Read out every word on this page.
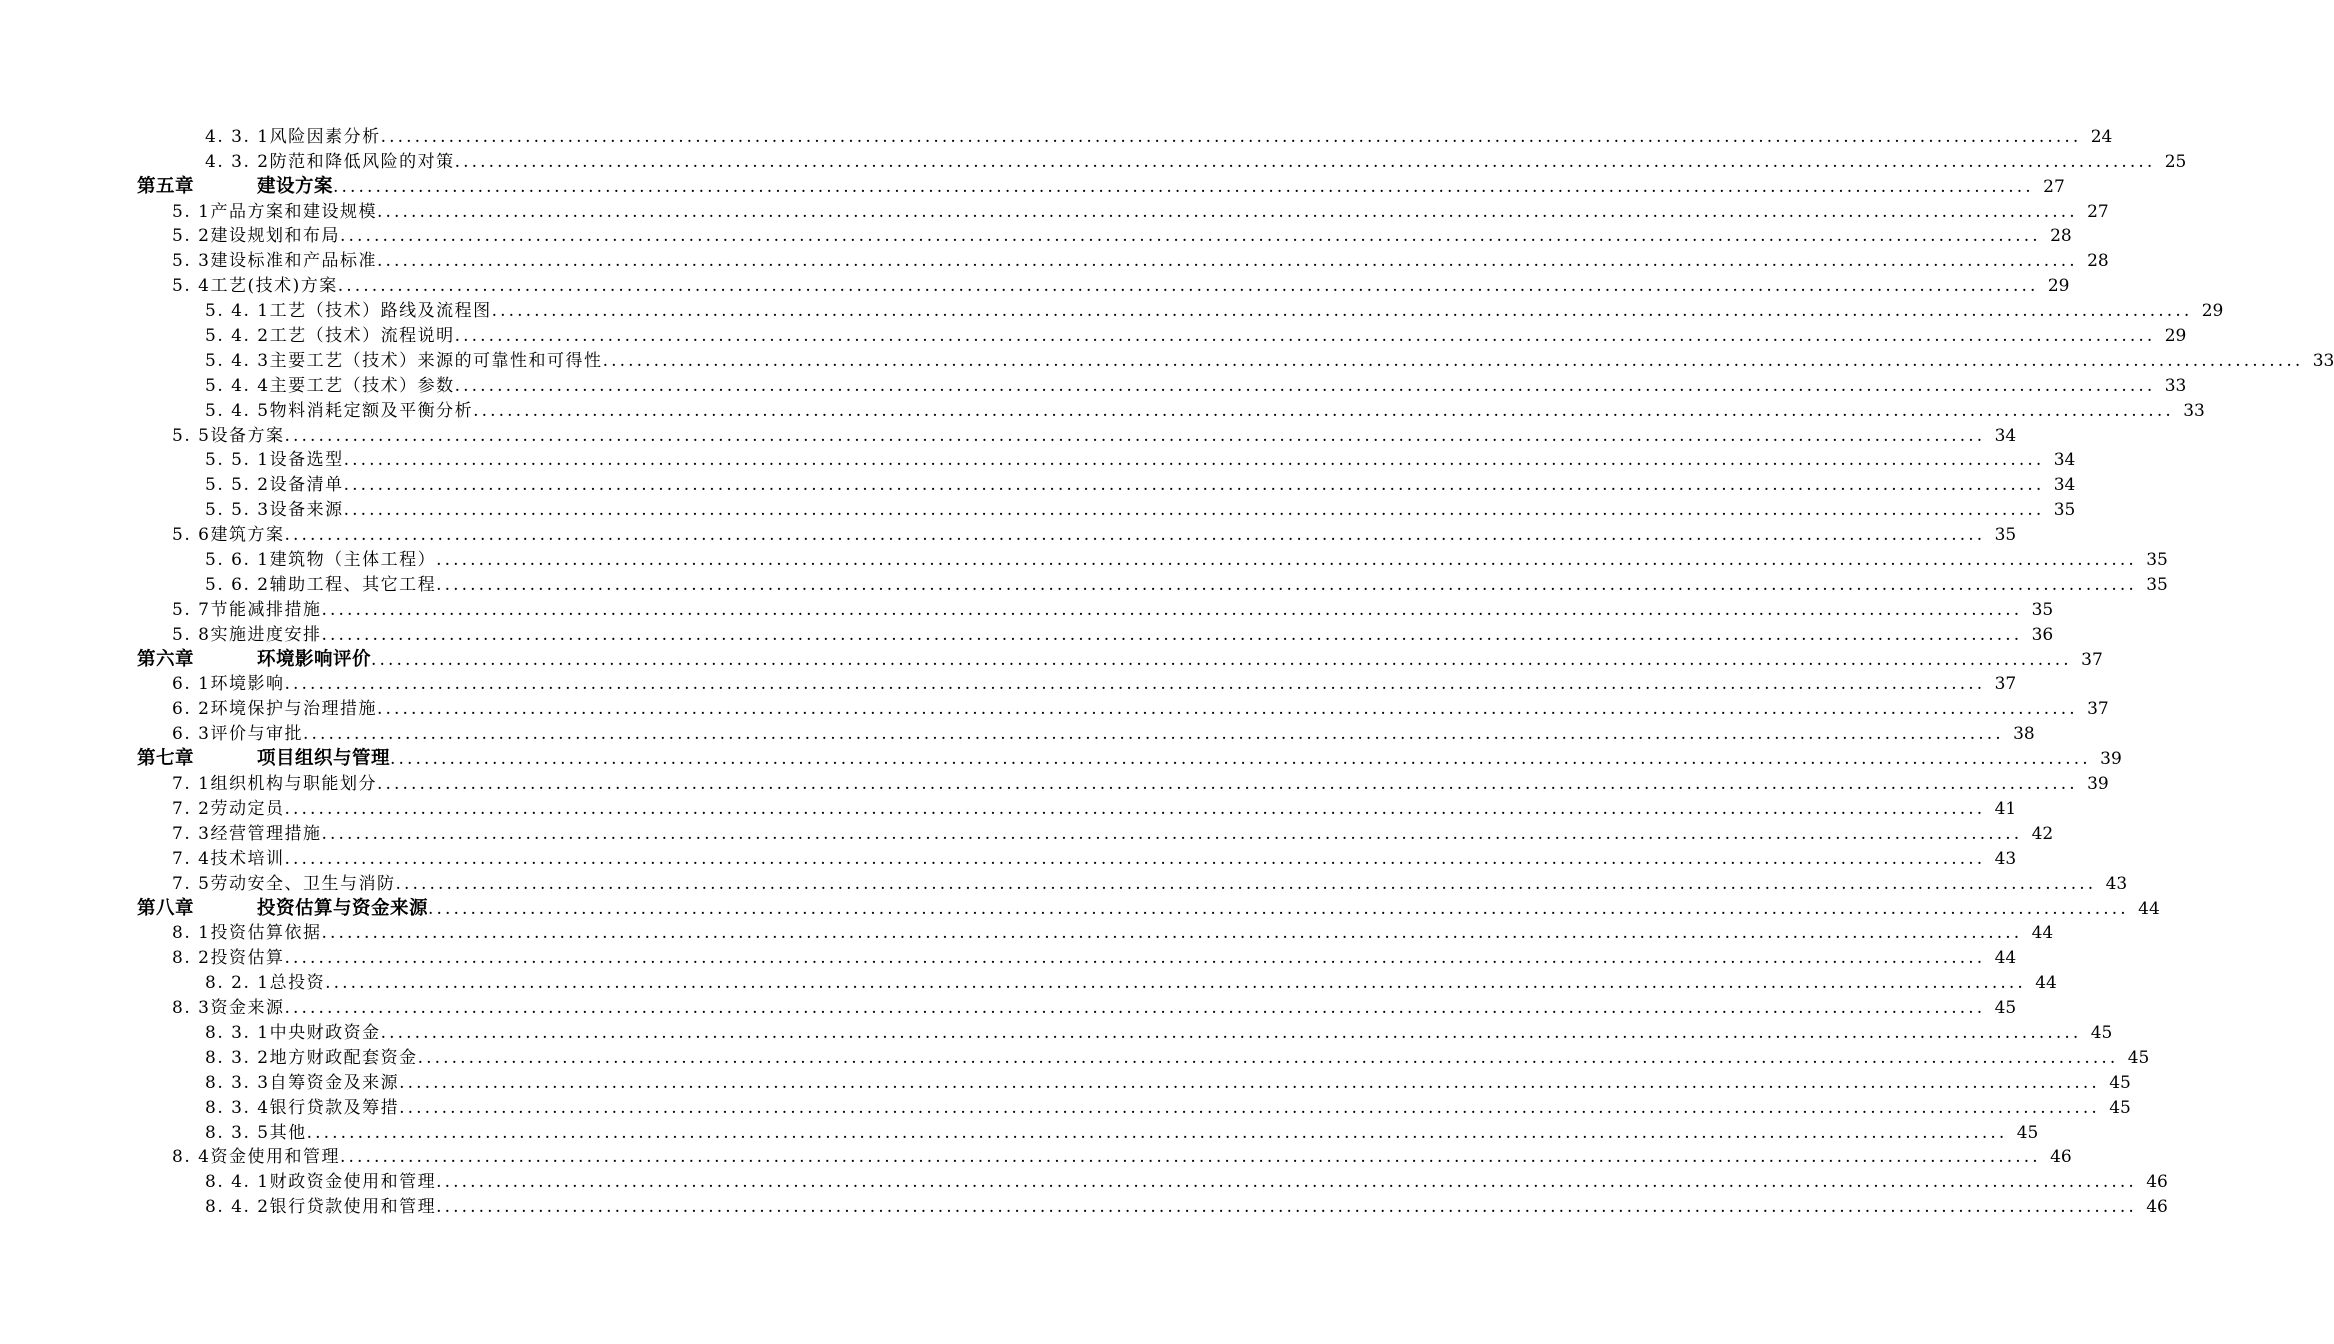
4. 3. 1风险因素分析 ........................................................................................................................................................................................................ 24
4. 3. 2防范和降低风险的对策 ........................................................................................................................................................................................................ 25
第五章	建设方案 ........................................................................................................................................................................................................ 27
5. 1产品方案和建设规模 ........................................................................................................................................................................................................ 27
5. 2建设规划和布局 ........................................................................................................................................................................................................ 28
5. 3建设标准和产品标准 ........................................................................................................................................................................................................ 28
5. 4工艺(技术)方案 ........................................................................................................................................................................................................ 29
5. 4. 1工艺（技术）路线及流程图 ........................................................................................................................................................................................................ 29
5. 4. 2工艺（技术）流程说明 ........................................................................................................................................................................................................ 29
5. 4. 3主要工艺（技术）来源的可靠性和可得性 ........................................................................................................................................................................................................ 33
5. 4. 4主要工艺（技术）参数 ........................................................................................................................................................................................................ 33
5. 4. 5物料消耗定额及平衡分析 ........................................................................................................................................................................................................ 33
5. 5设备方案 ........................................................................................................................................................................................................ 34
5. 5. 1设备选型 ........................................................................................................................................................................................................ 34
5. 5. 2设备清单 ........................................................................................................................................................................................................ 34
5. 5. 3设备来源 ........................................................................................................................................................................................................ 35
5. 6建筑方案 ........................................................................................................................................................................................................ 35
5. 6. 1建筑物（主体工程） ........................................................................................................................................................................................................ 35
5. 6. 2辅助工程、其它工程 ........................................................................................................................................................................................................ 35
5. 7节能减排措施 ........................................................................................................................................................................................................ 35
5. 8实施进度安排 ........................................................................................................................................................................................................ 36
第六章	环境影响评价 ........................................................................................................................................................................................................ 37
6. 1环境影响 ........................................................................................................................................................................................................ 37
6. 2环境保护与治理措施 ........................................................................................................................................................................................................ 37
6. 3评价与审批 ........................................................................................................................................................................................................ 38
第七章	项目组织与管理 ........................................................................................................................................................................................................ 39
7. 1组织机构与职能划分 ........................................................................................................................................................................................................ 39
7. 2劳动定员 ........................................................................................................................................................................................................ 41
7. 3经营管理措施 ........................................................................................................................................................................................................ 42
7. 4技术培训 ........................................................................................................................................................................................................ 43
7. 5劳动安全、卫生与消防 ........................................................................................................................................................................................................ 43
第八章	投资估算与资金来源 ........................................................................................................................................................................................................ 44
8. 1投资估算依据 ........................................................................................................................................................................................................ 44
8. 2投资估算 ........................................................................................................................................................................................................ 44
8. 2. 1总投资 ........................................................................................................................................................................................................ 44
8. 3资金来源 ........................................................................................................................................................................................................ 45
8. 3. 1中央财政资金 ........................................................................................................................................................................................................ 45
8. 3. 2地方财政配套资金 ........................................................................................................................................................................................................ 45
8. 3. 3自筹资金及来源 ........................................................................................................................................................................................................ 45
8. 3. 4银行贷款及筹措 ........................................................................................................................................................................................................ 45
8. 3. 5其他 ........................................................................................................................................................................................................ 45
8. 4资金使用和管理 ........................................................................................................................................................................................................ 46
8. 4. 1财政资金使用和管理 ........................................................................................................................................................................................................ 46
8. 4. 2银行贷款使用和管理 ........................................................................................................................................................................................................ 46
